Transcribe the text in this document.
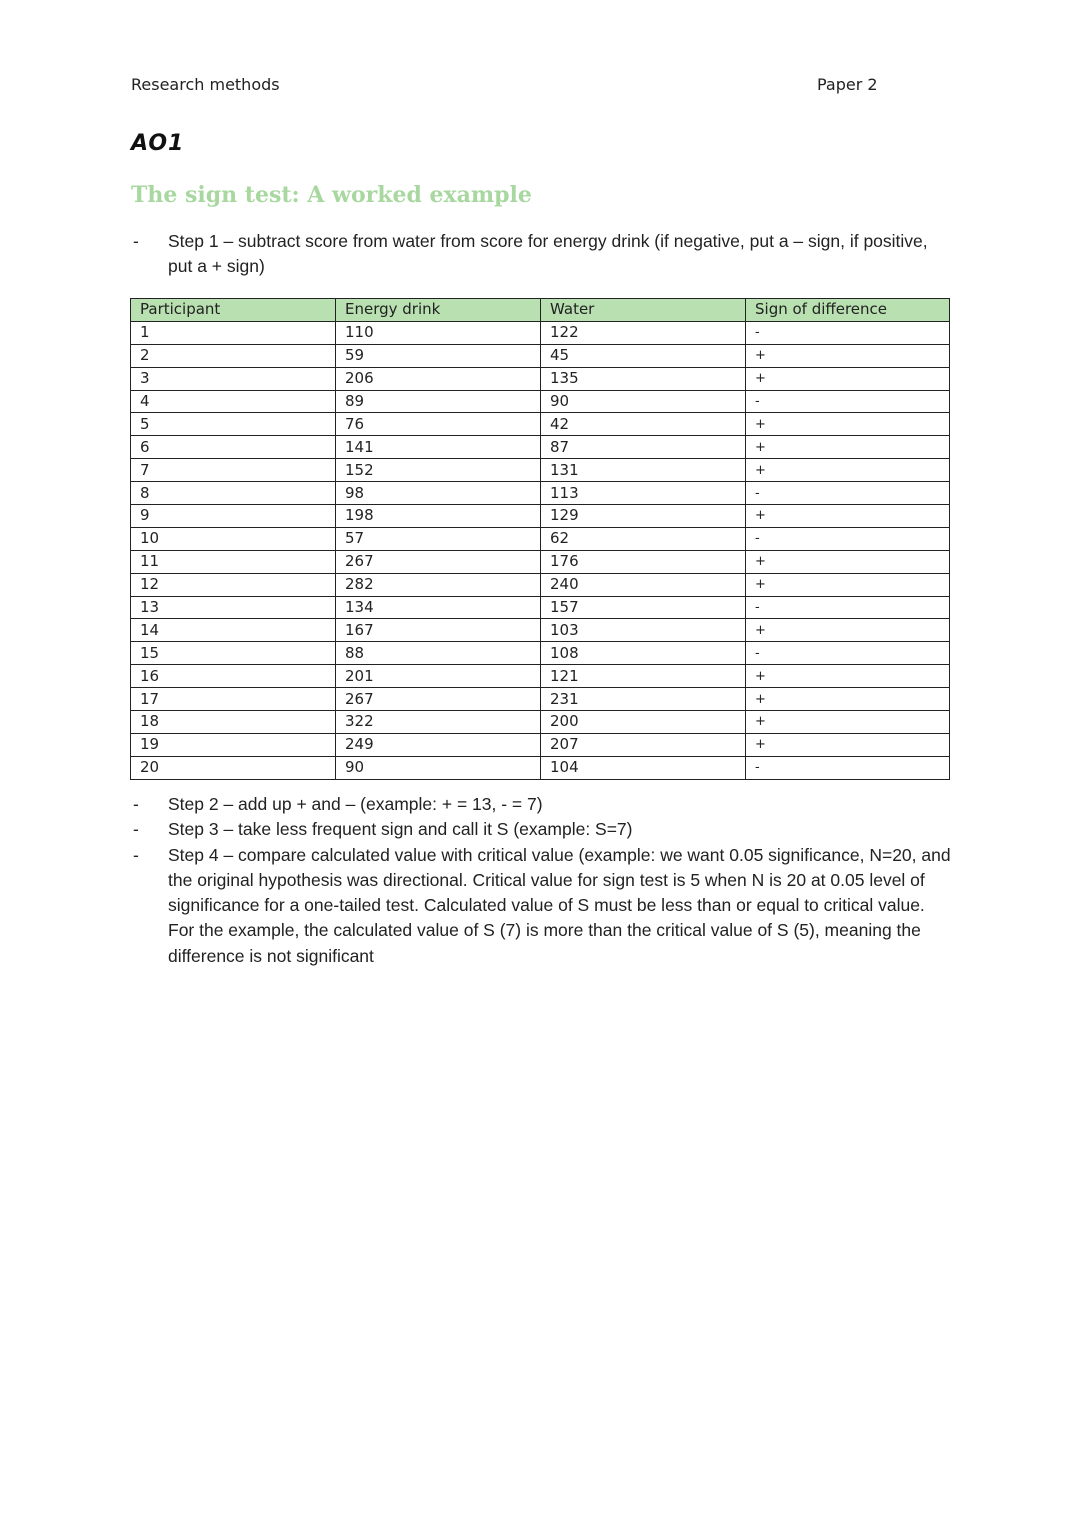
Research methods	Paper 2
AO1
The sign test: A worked example
- Step 1 – subtract score from water from score for energy drink (if negative, put a – sign, if positive, put a + sign)
Participant	Energy drink	Water	Sign of difference
1	110	122	-
2	59	45	+
3	206	135	+
4	89	90	-
5	76	42	+
6	141	87	+
7	152	131	+
8	98	113	-
9	198	129	+
10	57	62	-
11	267	176	+
12	282	240	+
13	134	157	-
14	167	103	+
15	88	108	-
16	201	121	+
17	267	231	+
18	322	200	+
19	249	207	+
20	90	104	-
- Step 2 – add up + and – (example: + = 13, - = 7)
- Step 3 – take less frequent sign and call it S (example: S=7)
- Step 4 – compare calculated value with critical value (example: we want 0.05 significance, N=20, and the original hypothesis was directional. Critical value for sign test is 5 when N is 20 at 0.05 level of significance for a one-tailed test. Calculated value of S must be less than or equal to critical value. For the example, the calculated value of S (7) is more than the critical value of S (5), meaning the difference is not significant
